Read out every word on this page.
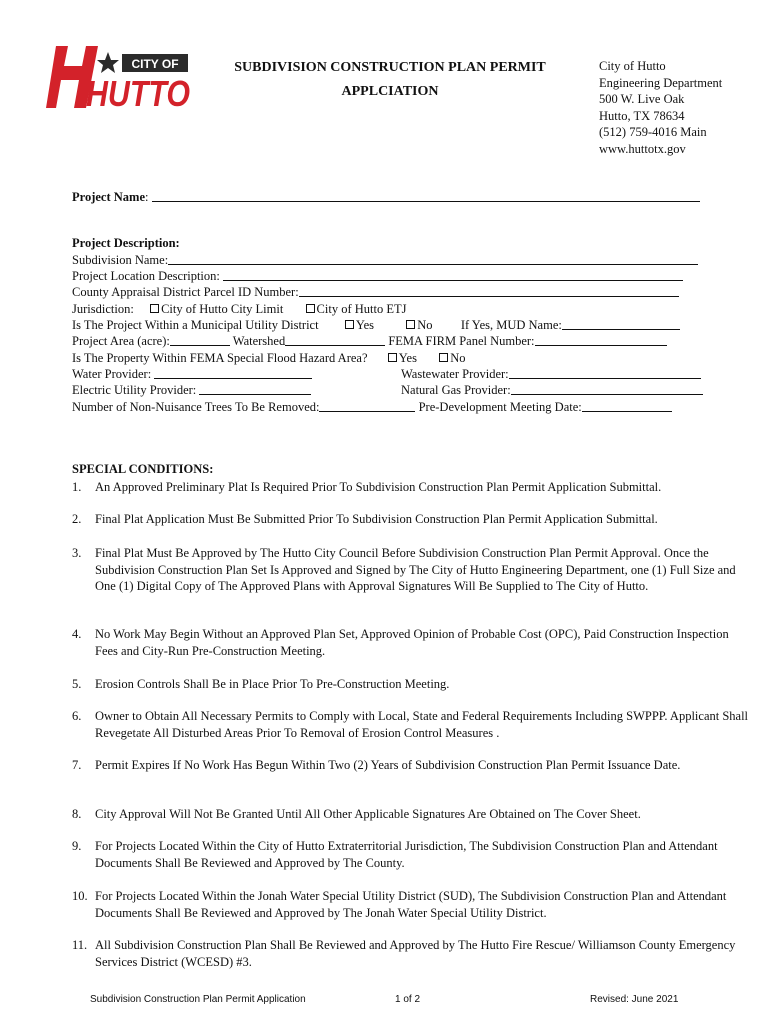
CITY OF
HUTTO
SUBDIVISION CONSTRUCTION PLAN PERMIT
APPLCIATION
City of Hutto
Engineering Department
500 W. Live Oak
Hutto, TX 78634
(512) 759-4016 Main
www.huttotx.gov
Project Name:
Project Description:
Subdivision Name:
Project Location Description:
County Appraisal District Parcel ID Number:
Jurisdiction: City of Hutto City Limit	City of Hutto ETJ
Is The Project Within a Municipal Utility District	Yes	No If Yes, MUD Name:
Project Area (acre):	Watershed	FEMA FIRM Panel Number:
Is The Property Within FEMA Special Flood Hazard Area?	Yes	No
Water Provider:	Wastewater Provider:
Electric Utility Provider:	Natural Gas Provider:
Number of Non-Nuisance Trees To Be Removed:	Pre-Development Meeting Date:
SPECIAL CONDITIONS:
1.	An Approved Preliminary Plat Is Required Prior To Subdivision Construction Plan Permit Application Submittal.
2.	Final Plat Application Must Be Submitted Prior To Subdivision Construction Plan Permit Application Submittal.
3.	Final Plat Must Be Approved by The Hutto City Council Before Subdivision Construction Plan Permit Approval. Once the Subdivision Construction Plan Set Is Approved and Signed by The City of Hutto Engineering Department, one (1) Full Size and One (1) Digital Copy of The Approved Plans with Approval Signatures Will Be Supplied to The City of Hutto.
4.	No Work May Begin Without an Approved Plan Set, Approved Opinion of Probable Cost (OPC), Paid Construction Inspection Fees and City-Run Pre-Construction Meeting.
5.	Erosion Controls Shall Be in Place Prior To Pre-Construction Meeting.
6.	Owner to Obtain All Necessary Permits to Comply with Local, State and Federal Requirements Including SWPPP. Applicant Shall Revegetate All Disturbed Areas Prior To Removal of Erosion Control Measures .
7.	Permit Expires If No Work Has Begun Within Two (2) Years of Subdivision Construction Plan Permit Issuance Date.
8.	City Approval Will Not Be Granted Until All Other Applicable Signatures Are Obtained on The Cover Sheet.
9.	For Projects Located Within the City of Hutto Extraterritorial Jurisdiction, The Subdivision Construction Plan and Attendant Documents Shall Be Reviewed and Approved by The County.
10. For Projects Located Within the Jonah Water Special Utility District (SUD), The Subdivision Construction Plan and Attendant Documents Shall Be Reviewed and Approved by The Jonah Water Special Utility District.
11. All Subdivision Construction Plan Shall Be Reviewed and Approved by The Hutto Fire Rescue/ Williamson County Emergency Services District (WCESD) #3.
Subdivision Construction Plan Permit Application	1 of 2	Revised: June 2021
